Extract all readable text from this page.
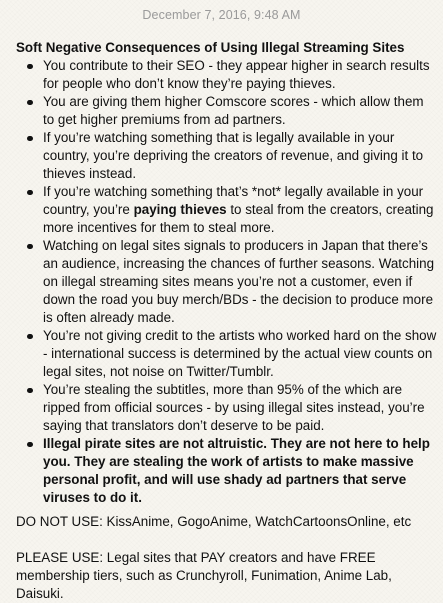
December 7, 2016, 9:48 AM
Soft Negative Consequences of Using Illegal Streaming Sites
You contribute to their SEO - they appear higher in search results for people who don’t know they’re paying thieves.
You are giving them higher Comscore scores - which allow them to get higher premiums from ad partners.
If you’re watching something that is legally available in your country, you’re depriving the creators of revenue, and giving it to thieves instead.
If you’re watching something that’s *not* legally available in your country, you’re paying thieves to steal from the creators, creating more incentives for them to steal more.
Watching on legal sites signals to producers in Japan that there’s an audience, increasing the chances of further seasons. Watching on illegal streaming sites means you’re not a customer, even if down the road you buy merch/BDs - the decision to produce more is often already made.
You’re not giving credit to the artists who worked hard on the show - international success is determined by the actual view counts on legal sites, not noise on Twitter/Tumblr.
You’re stealing the subtitles, more than 95% of the which are ripped from official sources - by using illegal sites instead, you’re saying that translators don’t deserve to be paid.
Illegal pirate sites are not altruistic. They are not here to help you. They are stealing the work of artists to make massive personal profit, and will use shady ad partners that serve viruses to do it.
DO NOT USE: KissAnime, GogoAnime, WatchCartoonsOnline, etc
PLEASE USE: Legal sites that PAY creators and have FREE membership tiers, such as Crunchyroll, Funimation, Anime Lab, Daisuki.
